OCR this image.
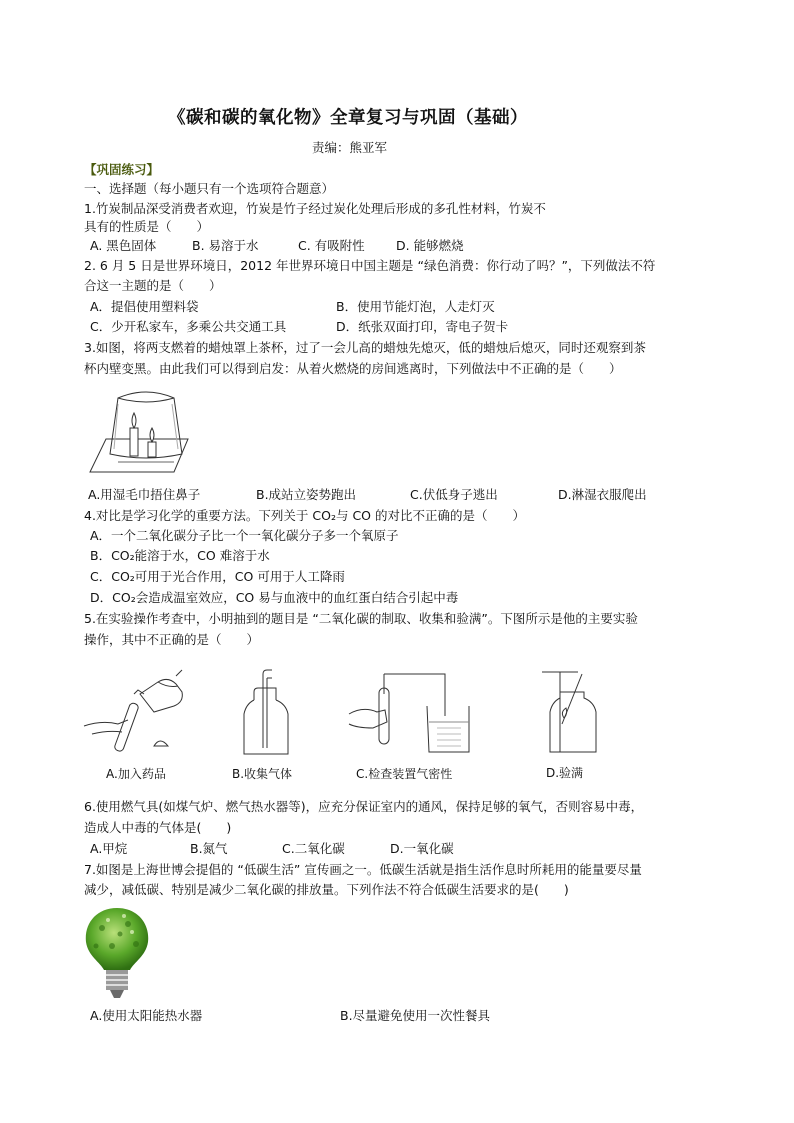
《碳和碳的氧化物》全章复习与巩固（基础）
责编：熊亚军
【巩固练习】
一、选择题（每小题只有一个选项符合题意）
1.竹炭制品深受消费者欢迎，竹炭是竹子经过炭化处理后形成的多孔性材料，竹炭不
具有的性质是（　　）
A. 黑色固体	B. 易溶于水	C. 有吸附性	D. 能够燃烧
2. 6 月 5 日是世界环境日，2012 年世界环境日中国主题是 “绿色消费：你行动了吗？”，下列做法不符
合这一主题的是（　　）
A．提倡使用塑料袋	B．使用节能灯泡，人走灯灭
C．少开私家车，多乘公共交通工具	D．纸张双面打印，寄电子贺卡
3.如图，将两支燃着的蜡烛罩上茶杯，过了一会儿高的蜡烛先熄灭，低的蜡烛后熄灭，同时还观察到茶
杯内壁变黑。由此我们可以得到启发：从着火燃烧的房间逃离时，下列做法中不正确的是（　　）
A.用湿毛巾捂住鼻子	B.成站立姿势跑出	C.伏低身子逃出	D.淋湿衣服爬出
4.对比是学习化学的重要方法。下列关于 CO₂与 CO 的对比不正确的是（　　）
A．一个二氧化碳分子比一个一氧化碳分子多一个氧原子
B．CO₂能溶于水，CO 难溶于水
C．CO₂可用于光合作用，CO 可用于人工降雨
D．CO₂会造成温室效应，CO 易与血液中的血红蛋白结合引起中毒
5.在实验操作考查中，小明抽到的题目是 “二氧化碳的制取、收集和验满”。下图所示是他的主要实验
操作，其中不正确的是（　　）
A.加入药品	B.收集气体	C.检查装置气密性	D.验满
6.使用燃气具(如煤气炉、燃气热水器等)，应充分保证室内的通风，保持足够的氧气，否则容易中毒，
造成人中毒的气体是(　　)
A.甲烷	B.氮气	C.二氧化碳	D.一氧化碳
7.如图是上海世博会提倡的 “低碳生活” 宣传画之一。低碳生活就是指生活作息时所耗用的能量要尽量
减少，减低碳、特别是减少二氧化碳的排放量。下列作法不符合低碳生活要求的是(　　)
A.使用太阳能热水器	B.尽量避免使用一次性餐具
